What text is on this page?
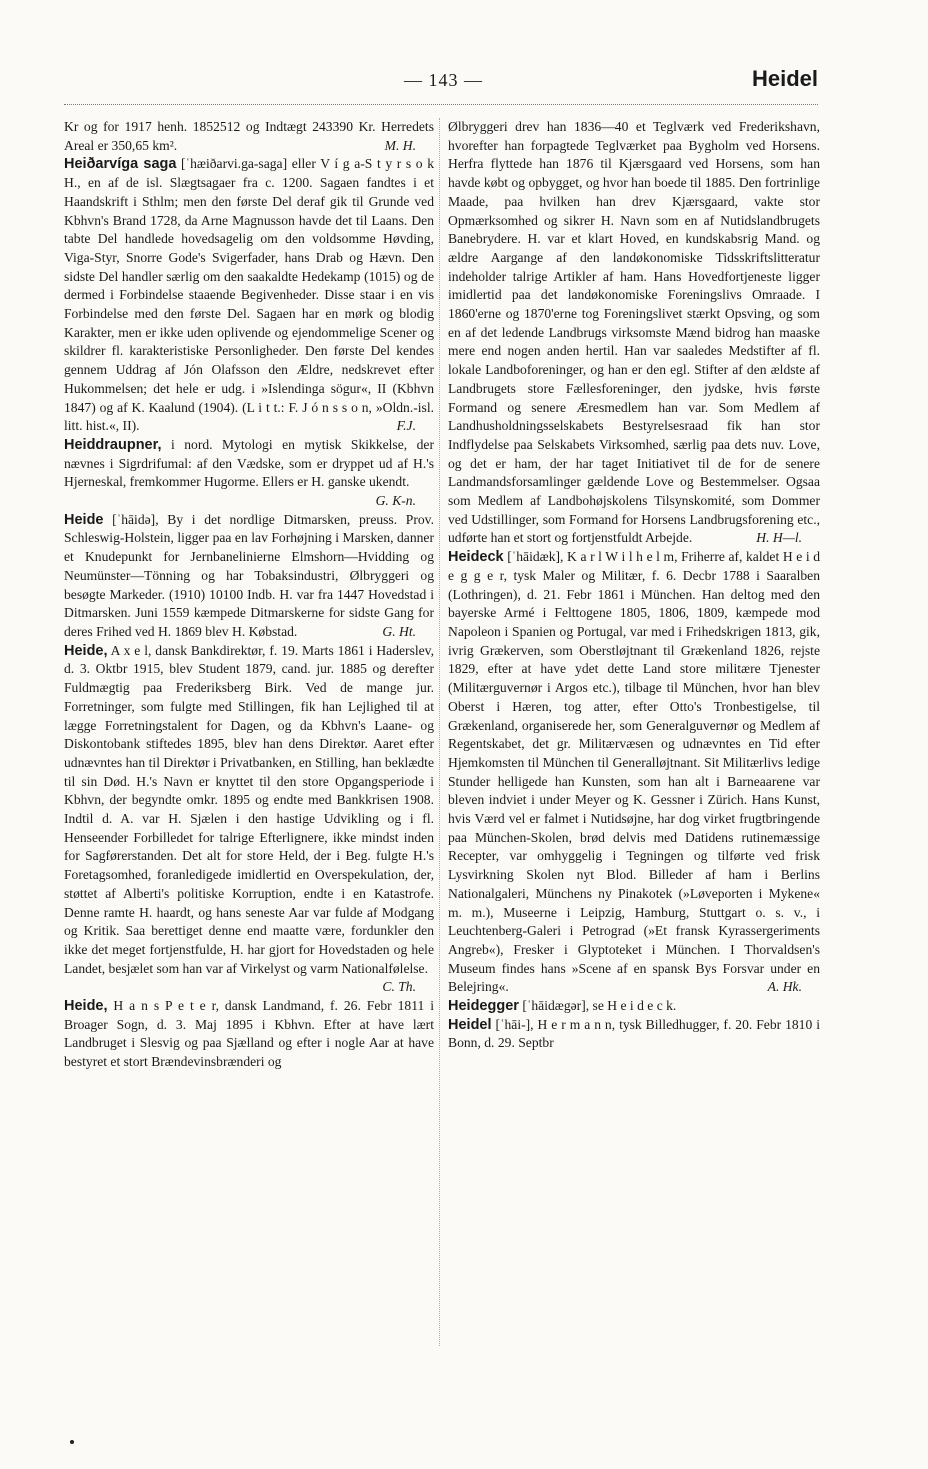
— 143 —	Heidel

Kr og for 1917 henh. 1852512 og Indtægt 243390 Kr. Herredets Areal er 350,65 km².	M. H.

Heiðarvíga saga [ˈhæiðarvi.ga-saga] eller V í g a-S t y r s o k H., en af de isl. Slægtsagaer fra c. 1200. Sagaen fandtes i et Haandskrift i Sthlm; men den første Del deraf gik til Grunde ved Kbhvn's Brand 1728, da Arne Magnusson havde det til Laans. Den tabte Del handlede hovedsagelig om den voldsomme Høvding, Viga-Styr, Snorre Gode's Svigerfader, hans Drab og Hævn. Den sidste Del handler særlig om den saakaldte Hedekamp (1015) og de dermed i Forbindelse staaende Begivenheder. Disse staar i en vis Forbindelse med den første Del. Sagaen har en mørk og blodig Karakter, men er ikke uden oplivende og ejendommelige Scener og skildrer fl. karakteristiske Personligheder. Den første Del kendes gennem Uddrag af Jón Olafsson den Ældre, nedskrevet efter Hukommelsen; det hele er udg. i »Islendinga sögur«, II (Kbhvn 1847) og af K. Kaalund (1904). (L i t t.: F. J ó n s s o n, »Oldn.-isl. litt. hist.«, II).	F.J.

Heiddraupner, i nord. Mytologi en mytisk Skikkelse, der nævnes i Sigrdrifumal: af den Vædske, som er dryppet ud af H.'s Hjerneskal, fremkommer Hugorme. Ellers er H. ganske ukendt.
G. K-n.

Heide [ˈhāidə], By i det nordlige Ditmarsken, preuss. Prov. Schleswig-Holstein, ligger paa en lav Forhøjning i Marsken, danner et Knudepunkt for Jernbanelinierne Elmshorn—Hvidding og Neumünster—Tönning og har Tobaksindustri, Ølbryggeri og besøgte Markeder. (1910) 10100 Indb. H. var fra 1447 Hovedstad i Ditmarsken. Juni 1559 kæmpede Ditmarskerne for sidste Gang for deres Frihed ved H. 1869 blev H. Købstad.	G. Ht.

Heide, A x e l, dansk Bankdirektør, f. 19. Marts 1861 i Haderslev, d. 3. Oktbr 1915, blev Student 1879, cand. jur. 1885 og derefter Fuldmægtig paa Frederiksberg Birk. Ved de mange jur. Forretninger, som fulgte med Stillingen, fik han Lejlighed til at lægge Forretningstalent for Dagen, og da Kbhvn's Laane- og Diskontobank stiftedes 1895, blev han dens Direktør. Aaret efter udnævntes han til Direktør i Privatbanken, en Stilling, han beklædte til sin Død. H.'s Navn er knyttet til den store Opgangsperiode i Kbhvn, der begyndte omkr. 1895 og endte med Bankkrisen 1908. Indtil d. A. var H. Sjælen i den hastige Udvikling og i fl. Henseender Forbilledet for talrige Efterlignere, ikke mindst inden for Sagførerstanden. Det alt for store Held, der i Beg. fulgte H.'s Foretagsomhed, foranledigede imidlertid en Overspekulation, der, støttet af Alberti's politiske Korruption, endte i en Katastrofe. Denne ramte H. haardt, og hans seneste Aar var fulde af Modgang og Kritik. Saa berettiget denne end maatte være, fordunkler den ikke det meget fortjenstfulde, H. har gjort for Hovedstaden og hele Landet, besjælet som han var af Virkelyst og varm Nationalfølelse.
C. Th.

Heide, H a n s P e t e r, dansk Landmand, f. 26. Febr 1811 i Broager Sogn, d. 3. Maj 1895 i Kbhvn. Efter at have lært Landbruget i Slesvig og paa Sjælland og efter i nogle Aar at have bestyret et stort Brændevinsbrænderi og

Ølbryggeri drev han 1836—40 et Teglværk ved Frederikshavn, hvorefter han forpagtede Teglværket paa Bygholm ved Horsens. Herfra flyttede han 1876 til Kjærsgaard ved Horsens, som han havde købt og opbygget, og hvor han boede til 1885. Den fortrinlige Maade, paa hvilken han drev Kjærsgaard, vakte stor Opmærksomhed og sikrer H. Navn som en af Nutidslandbrugets Banebrydere. H. var et klart Hoved, en kundskabsrig Mand. og ældre Aargange af den landøkonomiske Tidsskriftslitteratur indeholder talrige Artikler af ham. Hans Hovedfortjeneste ligger imidlertid paa det landøkonomiske Foreningslivs Omraade. I 1860'erne og 1870'erne tog Foreningslivet stærkt Opsving, og som en af det ledende Landbrugs virksomste Mænd bidrog han maaske mere end nogen anden hertil. Han var saaledes Medstifter af fl. lokale Landboforeninger, og han er den egl. Stifter af den ældste af Landbrugets store Fællesforeninger, den jydske, hvis første Formand og senere Æresmedlem han var. Som Medlem af Landhusholdningsselskabets Bestyrelsesraad fik han stor Indflydelse paa Selskabets Virksomhed, særlig paa dets nuv. Love, og det er ham, der har taget Initiativet til de for de senere Landmandsforsamlinger gældende Love og Bestemmelser. Ogsaa som Medlem af Landbohøjskolens Tilsynskomité, som Dommer ved Udstillinger, som Formand for Horsens Landbrugsforening etc., udførte han et stort og fortjenstfuldt Arbejde.	H. H—l.

Heideck [ˈhāidæk], K a r l W i l h e l m, Friherre af, kaldet H e i d e g g e r, tysk Maler og Militær, f. 6. Decbr 1788 i Saaralben (Lothringen), d. 21. Febr 1861 i München. Han deltog med den bayerske Armé i Felttogene 1805, 1806, 1809, kæmpede mod Napoleon i Spanien og Portugal, var med i Frihedskrigen 1813, gik, ivrig Grækerven, som Oberstløjtnant til Grækenland 1826, rejste 1829, efter at have ydet dette Land store militære Tjenester (Militærguvernør i Argos etc.), tilbage til München, hvor han blev Oberst i Hæren, tog atter, efter Otto's Tronbestigelse, til Grækenland, organiserede her, som Generalguvernør og Medlem af Regentskabet, det gr. Militærvæsen og udnævntes en Tid efter Hjemkomsten til München til Generalløjtnant. Sit Militærlivs ledige Stunder helligede han Kunsten, som han alt i Barneaarene var bleven indviet i under Meyer og K. Gessner i Zürich. Hans Kunst, hvis Værd vel er falmet i Nutidsøjne, har dog virket frugtbringende paa München-Skolen, brød delvis med Datidens rutinemæssige Recepter, var omhyggelig i Tegningen og tilførte ved frisk Lysvirkning Skolen nyt Blod. Billeder af ham i Berlins Nationalgaleri, Münchens ny Pinakotek (»Løveporten i Mykene« m. m.), Museerne i Leipzig, Hamburg, Stuttgart o. s. v., i Leuchtenberg-Galeri i Petrograd (»Et fransk Kyrassergeriments Angreb«), Fresker i Glyptoteket i München. I Thorvaldsen's Museum findes hans »Scene af en spansk Bys Forsvar under en Belejring«.	A. Hk.

Heidegger [ˈhāidægər], se H e i d e c k.

Heidel [ˈhāi-], H e r m a n n, tysk Billedhugger, f. 20. Febr 1810 i Bonn, d. 29. Septbr
